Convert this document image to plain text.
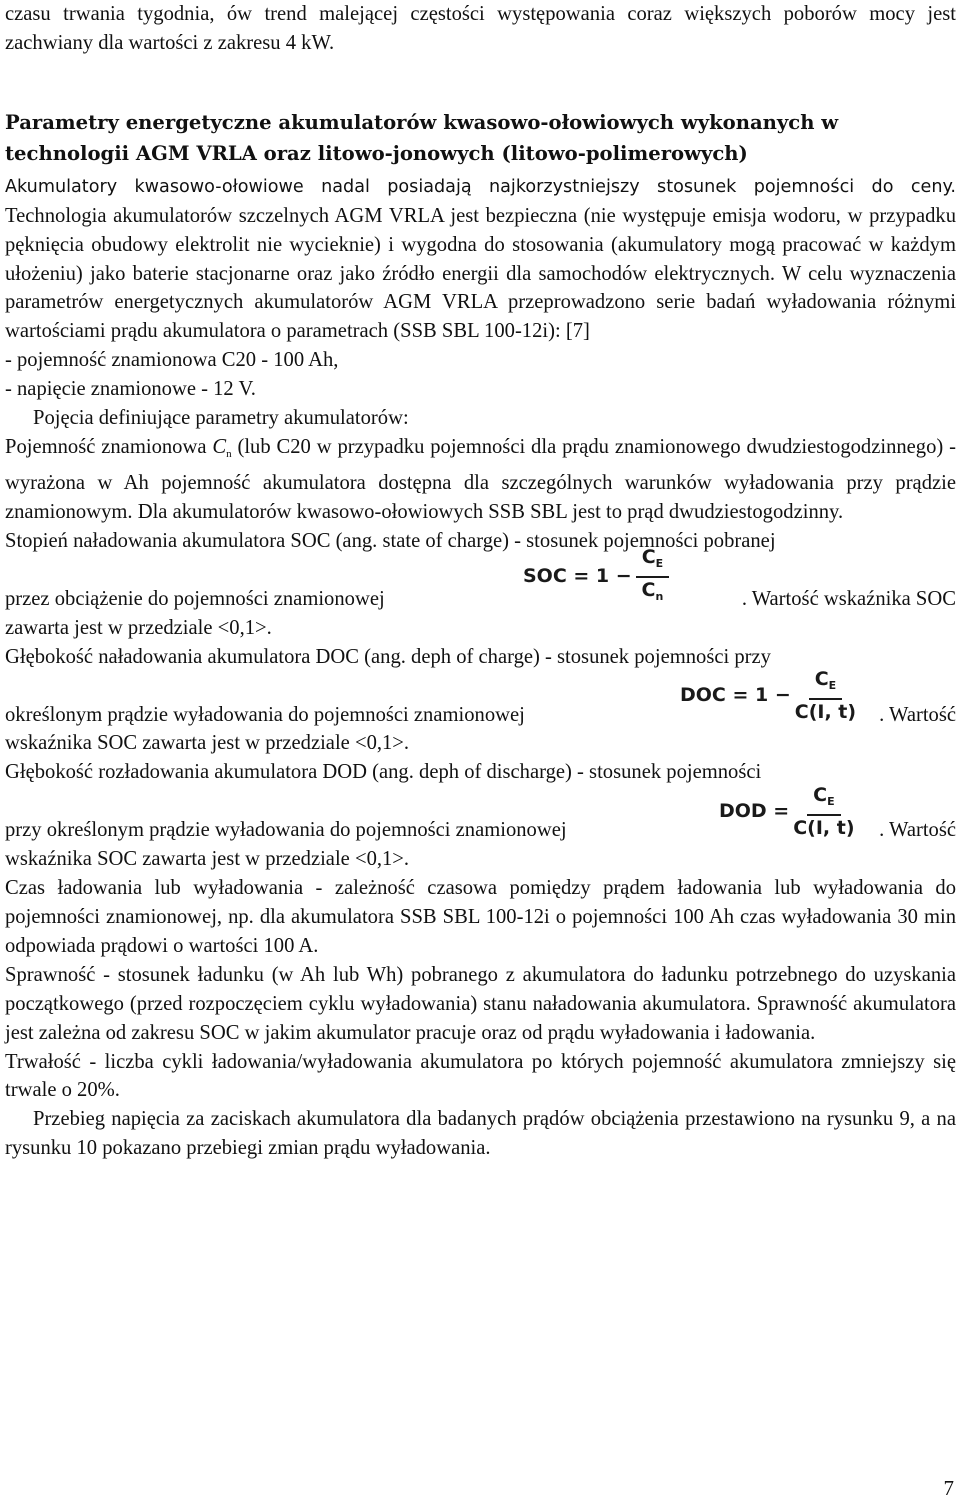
czasu trwania tygodnia, ów trend malejącej częstości występowania coraz większych poborów mocy jest zachwiany dla wartości z zakresu 4 kW.

Parametry energetyczne akumulatorów kwasowo-ołowiowych wykonanych w technologii AGM VRLA oraz litowo-jonowych (litowo-polimerowych)

Akumulatory kwasowo-ołowiowe nadal posiadają najkorzystniejszy stosunek pojemności do ceny. Technologia akumulatorów szczelnych AGM VRLA jest bezpieczna (nie występuje emisja wodoru, w przypadku pęknięcia obudowy elektrolit nie wycieknie) i wygodna do stosowania (akumulatory mogą pracować w każdym ułożeniu) jako baterie stacjonarne oraz jako źródło energii dla samochodów elektrycznych. W celu wyznaczenia parametrów energetycznych akumulatorów AGM VRLA przeprowadzono serie badań wyładowania różnymi wartościami prądu akumulatora o parametrach (SSB SBL 100-12i): [7]

- pojemność znamionowa C20 - 100 Ah,

- napięcie znamionowe - 12 V.

Pojęcia definiujące parametry akumulatorów:

Pojemność znamionowa $C_n$ (lub C20 w przypadku pojemności dla prądu znamionowego dwudziestogodzinnego) - wyrażona w Ah pojemność akumulatora dostępna dla szczególnych warunków wyładowania przy prądzie znamionowym. Dla akumulatorów kwasowo-ołowiowych SSB SBL jest to prąd dwudziestogodzinny.

Stopień naładowania akumulatora SOC (ang. state of charge) - stosunek pojemności pobranej

przez obciążenie do pojemności znamionowej
SOC = $1 - \frac{C_E}{C_n}$	. Wartość wskaźnika SOC

zawarta jest w przedziale <0,1>.

Głębokość naładowania akumulatora DOC (ang. deph of charge) - stosunek pojemności przy

określonym prądzie wyładowania do pojemności znamionowej
DOC = $1 - \frac{C_E}{C(I, t)}$ . Wartość

wskaźnika SOC zawarta jest w przedziale <0,1>.

Głębokość rozładowania akumulatora DOD (ang. deph of discharge) - stosunek pojemności

przy określonym prądzie wyładowania do pojemności znamionowej
DOD = $\frac{C_E}{C(I, t)}$ . Wartość

wskaźnika SOC zawarta jest w przedziale <0,1>.

Czas ładowania lub wyładowania - zależność czasowa pomiędzy prądem ładowania lub wyładowania do pojemności znamionowej, np. dla akumulatora SSB SBL 100-12i o pojemności 100 Ah czas wyładowania 30 min odpowiada prądowi o wartości 100 A.

Sprawność - stosunek ładunku (w Ah lub Wh) pobranego z akumulatora do ładunku potrzebnego do uzyskania początkowego (przed rozpoczęciem cyklu wyładowania) stanu naładowania akumulatora. Sprawność akumulatora jest zależna od zakresu SOC w jakim akumulator pracuje oraz od prądu wyładowania i ładowania.

Trwałość - liczba cykli ładowania/wyładowania akumulatora po których pojemność akumulatora zmniejszy się trwale o 20%.

Przebieg napięcia za zaciskach akumulatora dla badanych prądów obciążenia przestawiono na rysunku 9, a na rysunku 10 pokazano przebiegi zmian prądu wyładowania.

7
